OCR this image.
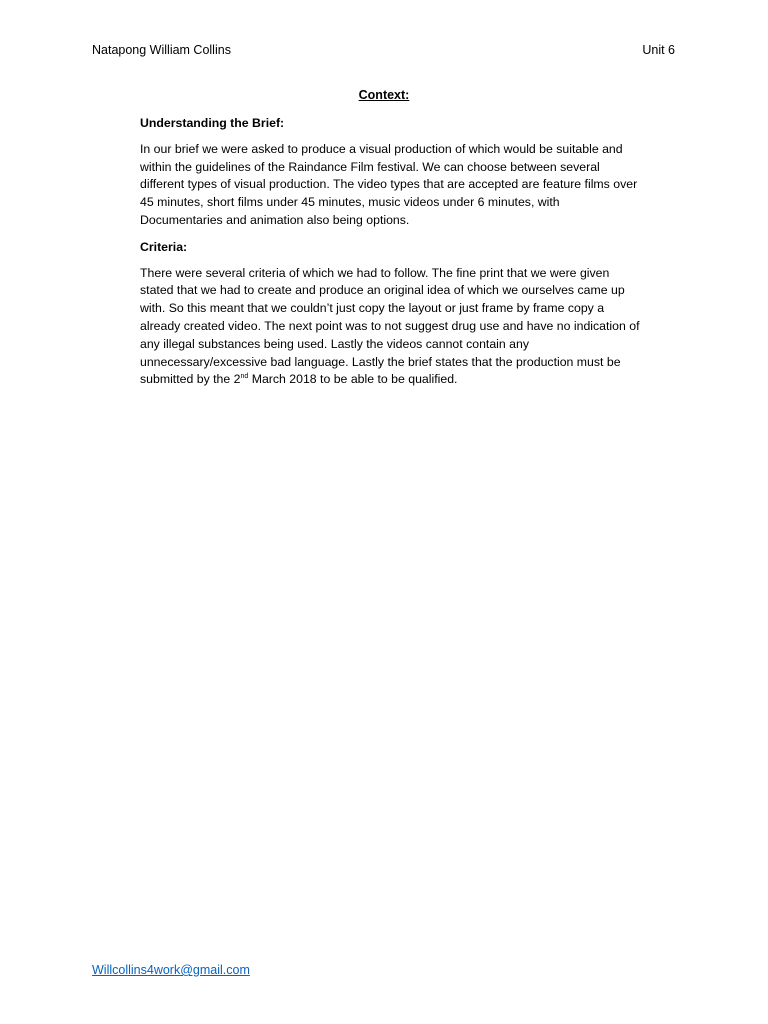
Natapong William Collins	Unit 6
Context:
Understanding the Brief:
In our brief we were asked to produce a visual production of which would be suitable and
within the guidelines of the Raindance Film festival. We can choose between several
different types of visual production. The video types that are accepted are feature films over
45 minutes, short films under 45 minutes, music videos under 6 minutes, with
Documentaries and animation also being options.
Criteria:
There were several criteria of which we had to follow. The fine print that we were given
stated that we had to create and produce an original idea of which we ourselves came up
with. So this meant that we couldn’t just copy the layout or just frame by frame copy a
already created video. The next point was to not suggest drug use and have no indication of
any illegal substances being used. Lastly the videos cannot contain any
unnecessary/excessive bad language. Lastly the brief states that the production must be
submitted by the 2nd March 2018 to be able to be qualified.
Willcollins4work@gmail.com
